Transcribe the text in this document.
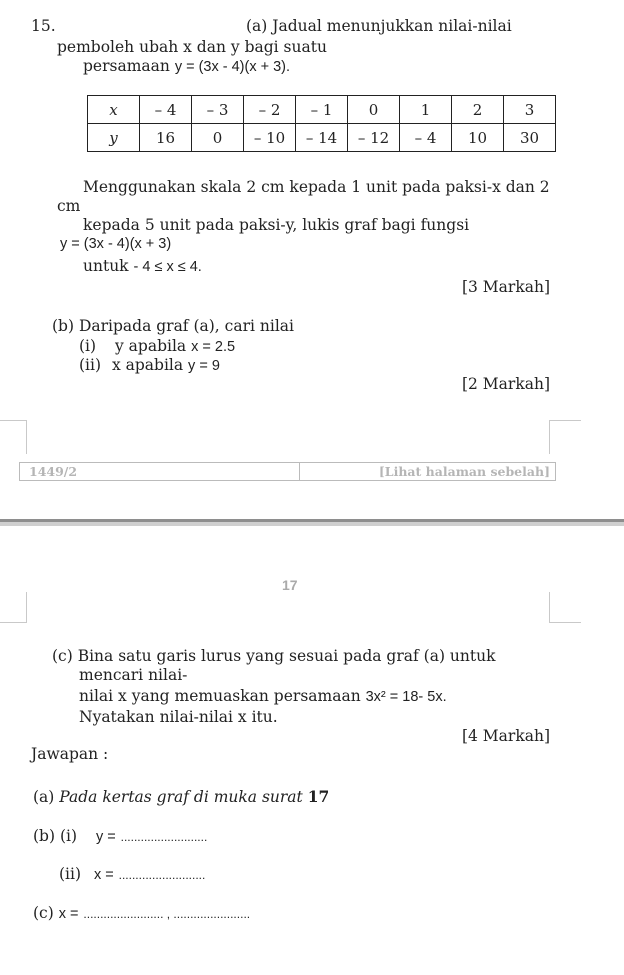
15.	(a) Jadual menunjukkan nilai-nilai
pemboleh ubah x dan y bagi suatu
persamaan y = (3x - 4)(x + 3).
x	– 4	– 3	– 2	– 1	0	1	2	3
y	16	0	– 10	– 14	– 12	– 4	10	30
Menggunakan skala 2 cm kepada 1 unit pada paksi-x dan 2
cm
kepada 5 unit pada paksi-y, lukis graf bagi fungsi
y = (3x - 4)(x + 3)
untuk - 4 ≤ x ≤ 4.
[3 Markah]
(b) Daripada graf (a), cari nilai
(i) y apabila x = 2.5
(ii) x apabila y = 9
[2 Markah]
1449/2	[Lihat halaman sebelah]
17
(c) Bina satu garis lurus yang sesuai pada graf (a) untuk
mencari nilai-
nilai x yang memuaskan persamaan 3x² = 18- 5x.
Nyatakan nilai-nilai x itu.
[4 Markah]
Jawapan :
(a) Pada kertas graf di muka surat 17
(b) (i) y = ..........................
(ii) x = ..........................
(c) x = ........................ , .......................
